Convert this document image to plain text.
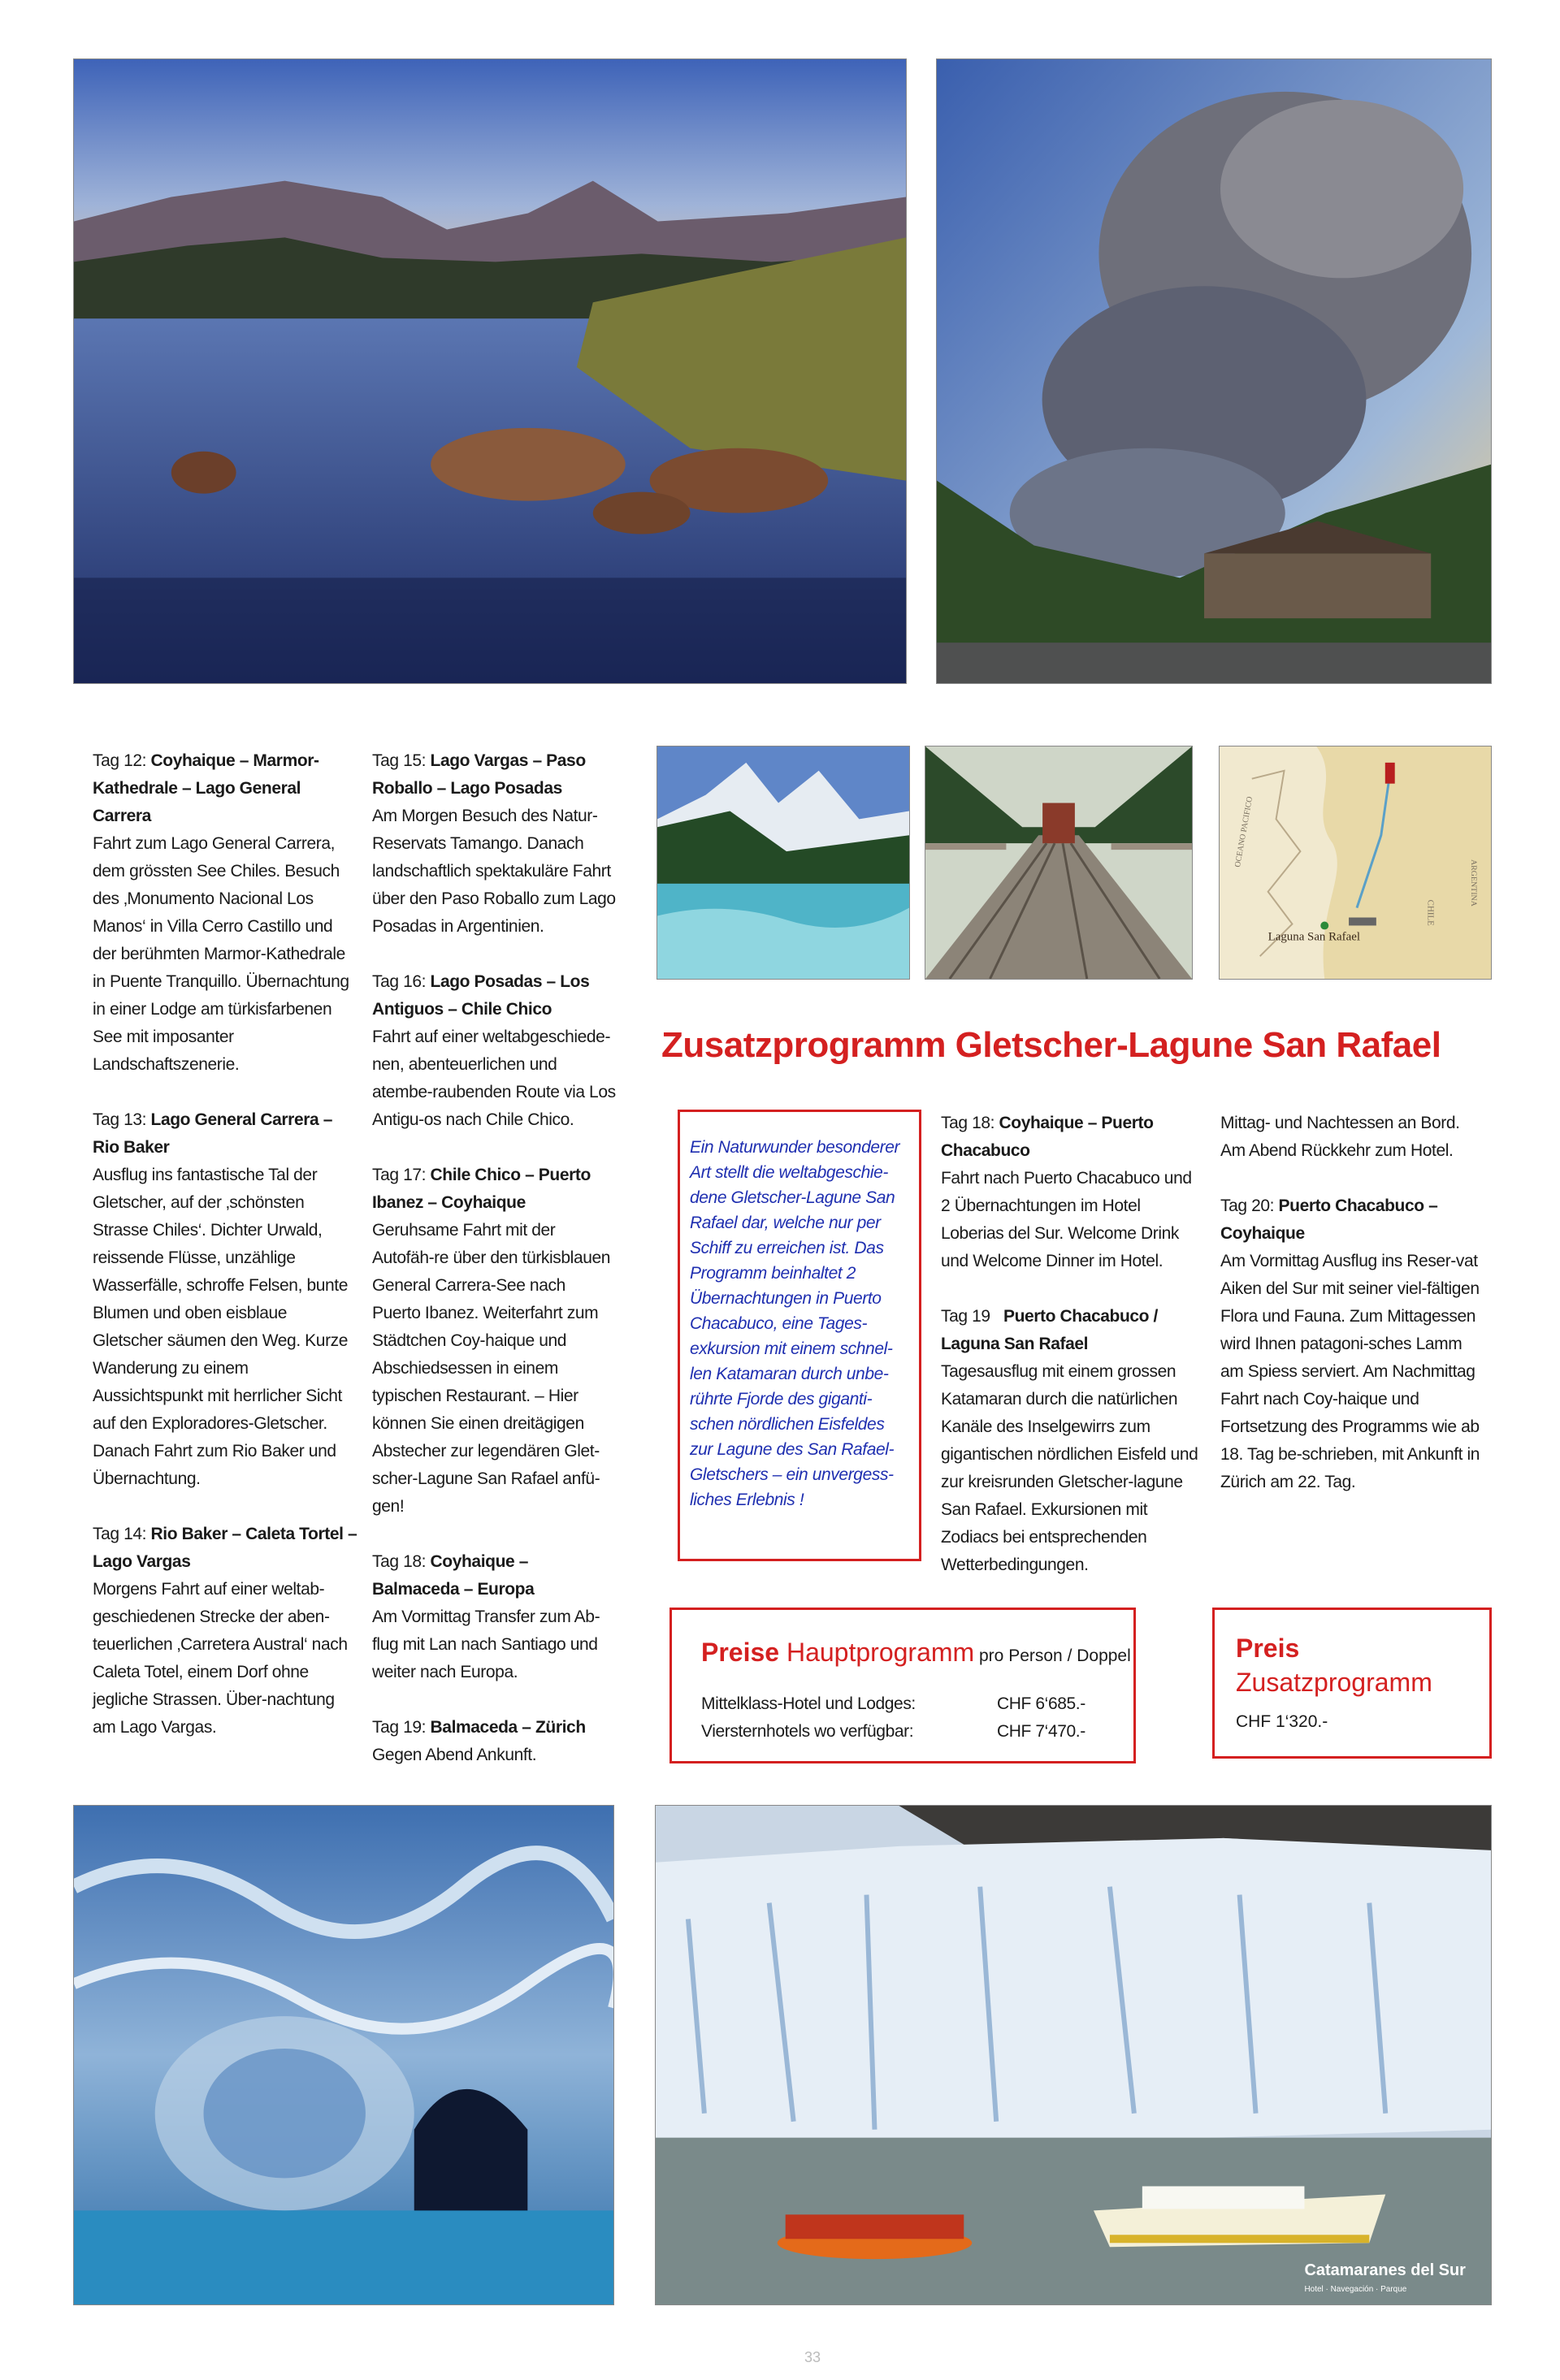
OCEANO PACIFICO
ARGENTINA
CHILE
Laguna San Rafael
Catamaranes del Sur
Hotel · Navegación · Parque

Tag 12: Coyhaique – Marmor-Kathedrale – Lago General Carrera

Fahrt zum Lago General Carrera, dem grössten See Chiles. Besuch des ‚Monumento Nacional Los Manos‘ in Villa Cerro Castillo und der berühmten Marmor-Kathedrale in Puente Tranquillo. Übernachtung in einer Lodge am türkisfarbenen See mit imposanter Landschaftszenerie.

Tag 13: Lago General Carrera – Rio Baker

Ausflug ins fantastische Tal der Gletscher, auf der ‚schönsten Strasse Chiles‘. Dichter Urwald, reissende Flüsse, unzählige Wasserfälle, schroffe Felsen, bunte Blumen und oben eisblaue Gletscher säumen den Weg. Kurze Wanderung zu einem Aussichtspunkt mit herrlicher Sicht auf den Exploradores-Gletscher. Danach Fahrt zum Rio Baker und Übernachtung.

Tag 14: Rio Baker – Caleta Tortel – Lago Vargas

Morgens Fahrt auf einer weltab-geschiedenen Strecke der aben-teuerlichen ‚Carretera Austral‘ nach Caleta Totel, einem Dorf ohne jegliche Strassen. Über-nachtung am Lago Vargas.

Tag 15: Lago Vargas – Paso Roballo – Lago Posadas

Am Morgen Besuch des Natur-Reservats Tamango. Danach landschaftlich spektakuläre Fahrt über den Paso Roballo zum Lago Posadas in Argentinien.

Tag 16: Lago Posadas – Los Antiguos – Chile Chico

Fahrt auf einer weltabgeschiede-nen, abenteuerlichen und atembe-raubenden Route via Los Antigu-os nach Chile Chico.

Tag 17: Chile Chico – Puerto Ibanez – Coyhaique

Geruhsame Fahrt mit der Autofäh-re über den türkisblauen General Carrera-See nach Puerto Ibanez. Weiterfahrt zum Städtchen Coy-haique und Abschiedsessen in einem typischen Restaurant. – Hier können Sie einen dreitägigen Abstecher zur legendären Glet-scher-Lagune San Rafael anfü-gen!

Tag 18: Coyhaique – Balmaceda – Europa

Am Vormittag Transfer zum Ab-flug mit Lan nach Santiago und weiter nach Europa.

Tag 19: Balmaceda – Zürich

Gegen Abend Ankunft.

Zusatzprogramm Gletscher-Lagune San Rafael
Ein Naturwunder besonderer Art stellt die weltabgeschie-dene Gletscher-Lagune San Rafael dar, welche nur per Schiff zu erreichen ist. Das Programm beinhaltet 2 Übernachtungen in Puerto Chacabuco, eine Tages-exkursion mit einem schnel-len Katamaran durch unbe-rührte Fjorde des giganti-schen nördlichen Eisfeldes zur Lagune des San Rafael-Gletschers – ein unvergess-liches Erlebnis !

Tag 18: Coyhaique – Puerto Chacabuco

Fahrt nach Puerto Chacabuco und 2 Übernachtungen im Hotel Loberias del Sur. Welcome Drink und Welcome Dinner im Hotel.

Tag 19   Puerto Chacabuco / Laguna San Rafael

Tagesausflug mit einem grossen Katamaran durch die natürlichen Kanäle des Inselgewirrs zum gigantischen nördlichen Eisfeld und zur kreisrunden Gletscher-lagune San Rafael. Exkursionen mit Zodiacs bei entsprechenden Wetterbedingungen.

Mittag- und Nachtessen an Bord. Am Abend Rückkehr zum Hotel.

Tag 20: Puerto Chacabuco – Coyhaique

Am Vormittag Ausflug ins Reser-vat Aiken del Sur mit seiner viel-fältigen Flora und Fauna. Zum Mittagessen wird Ihnen patagoni-sches Lamm am Spiess serviert. Am Nachmittag Fahrt nach Coy-haique und Fortsetzung des Programms wie ab 18. Tag be-schrieben, mit Ankunft in Zürich am 22. Tag.

Preise Hauptprogramm pro Person / Doppel
Mittelklass-Hotel und Lodges:	CHF 6‘685.-
Viersternhotels wo verfügbar:	CHF 7‘470.-
Preis
Zusatzprogramm
CHF 1‘320.-
33
